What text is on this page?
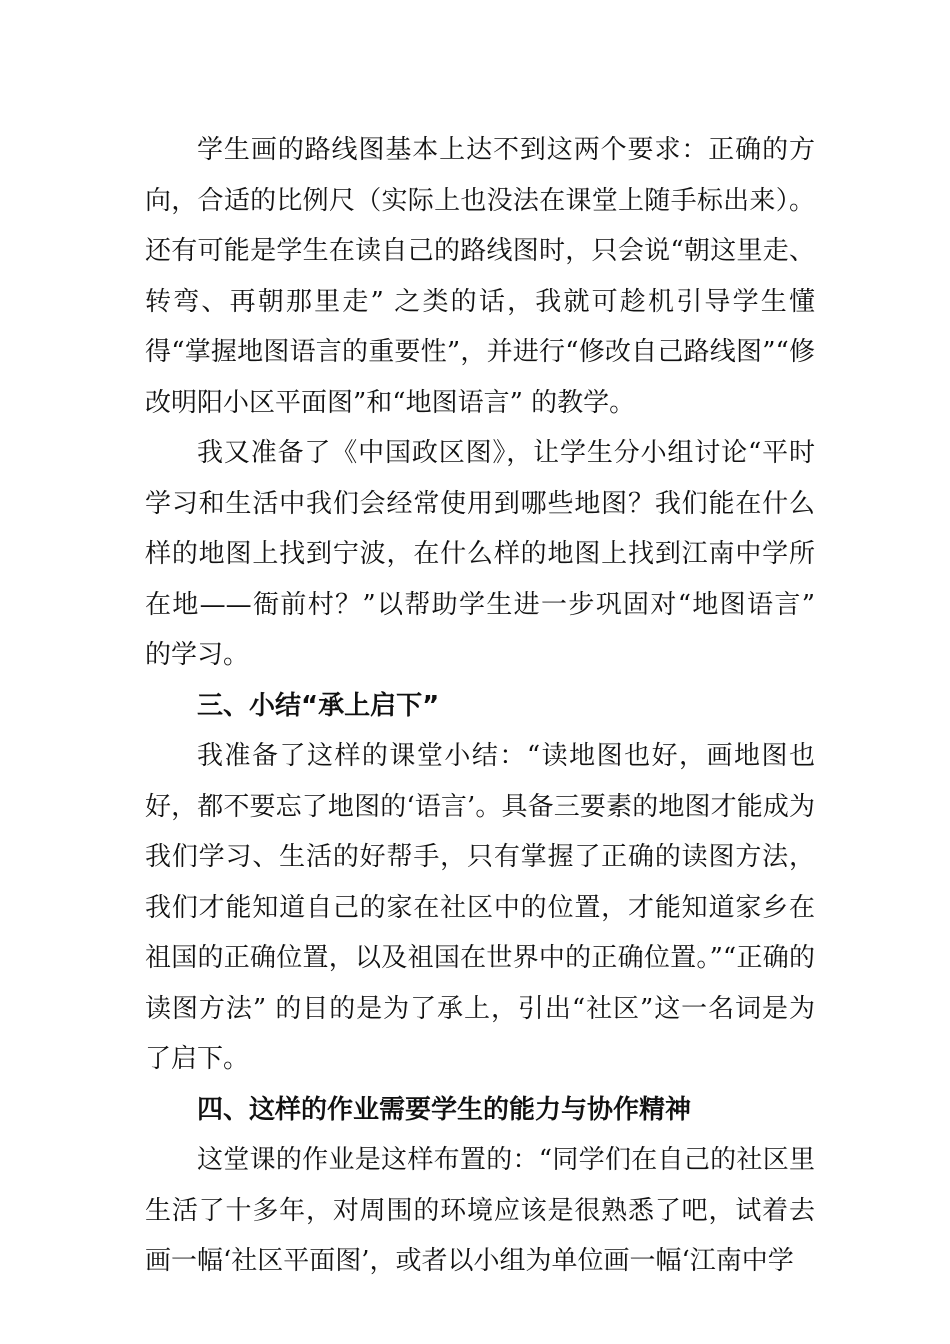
学生画的路线图基本上达不到这两个要求：正确的方向，合适的比例尺（实际上也没法在课堂上随手标出来）。还有可能是学生在读自己的路线图时，只会说“朝这里走、转弯、再朝那里走” 之类的话，我就可趁机引导学生懂得“掌握地图语言的重要性”，并进行“修改自己路线图”“修改明阳小区平面图”和“地图语言” 的教学。

我又准备了《中国政区图》，让学生分小组讨论“平时学习和生活中我们会经常使用到哪些地图？我们能在什么样的地图上找到宁波，在什么样的地图上找到江南中学所在地——衙前村？”以帮助学生进一步巩固对“地图语言” 的学习。

三、小结“承上启下”

我准备了这样的课堂小结：“读地图也好，画地图也好，都不要忘了地图的‘语言’。具备三要素的地图才能成为我们学习、生活的好帮手，只有掌握了正确的读图方法，我们才能知道自己的家在社区中的位置，才能知道家乡在祖国的正确位置，以及祖国在世界中的正确位置。”“正确的读图方法” 的目的是为了承上，引出“社区”这一名词是为了启下。

四、这样的作业需要学生的能力与协作精神

这堂课的作业是这样布置的：“同学们在自己的社区里生活了十多年，对周围的环境应该是很熟悉了吧，试着去画一幅‘社区平面图’，或者以小组为单位画一幅‘江南中学
